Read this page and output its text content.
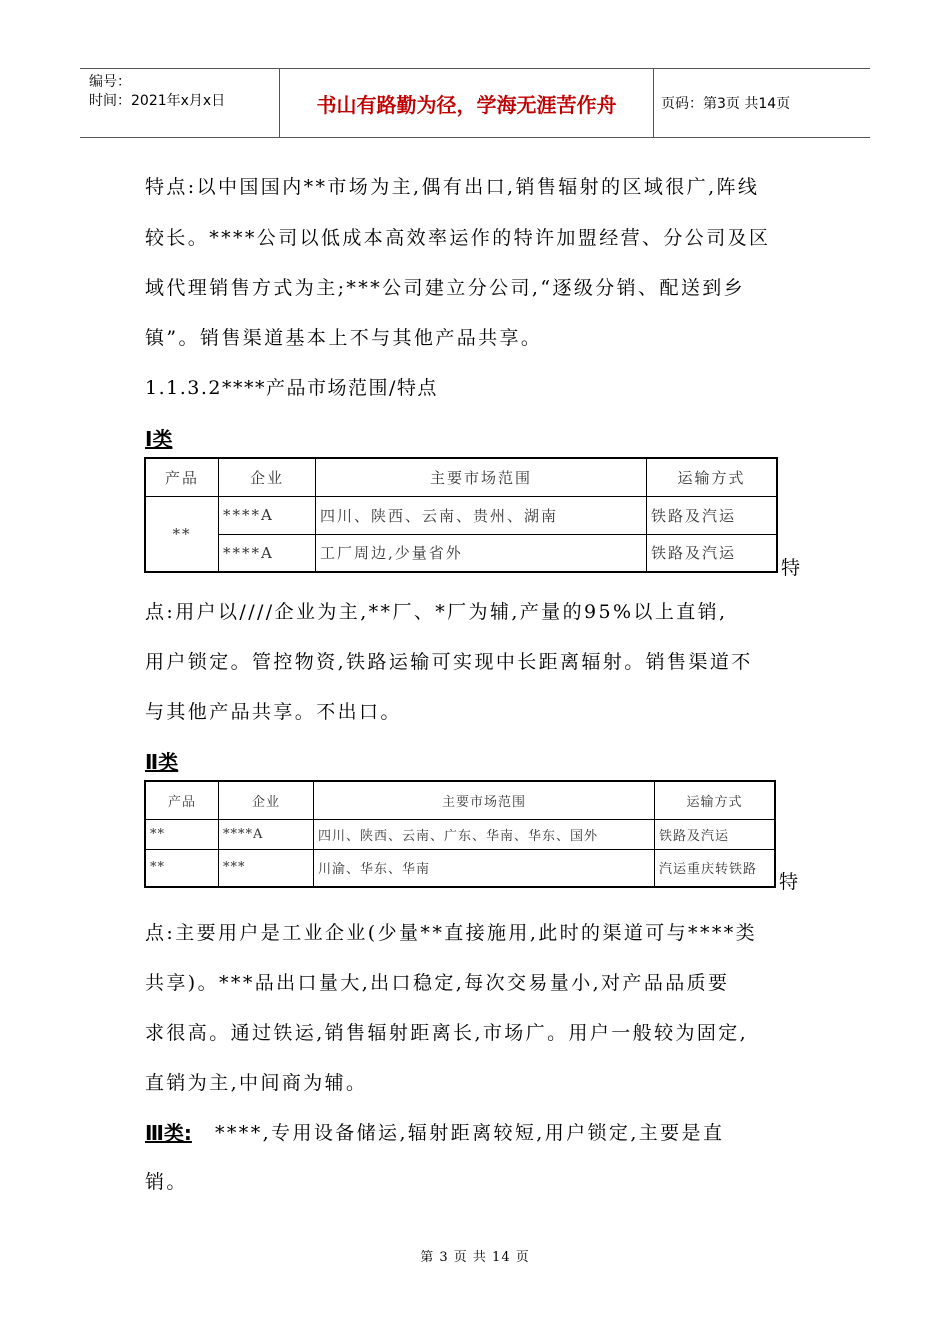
编号：
时间：2021年x月x日	书山有路勤为径，学海无涯苦作舟	页码：第3页 共14页
特点:以中国国内**市场为主,偶有出口,销售辐射的区域很广,阵线
较长。****公司以低成本高效率运作的特许加盟经营、分公司及区
域代理销售方式为主;***公司建立分公司,“逐级分销、配送到乡
镇”。销售渠道基本上不与其他产品共享。
1.1.3.2****产品市场范围/特点
Ⅰ类
产品	企业	主要市场范围	运输方式
**	****A	四川、陕西、云南、贵州、湖南	铁路及汽运
	****A	工厂周边,少量省外	铁路及汽运
特
点:用户以////企业为主,**厂、*厂为辅,产量的95%以上直销,
用户锁定。管控物资,铁路运输可实现中长距离辐射。销售渠道不
与其他产品共享。不出口。
Ⅱ类
产品	企业	主要市场范围	运输方式
**	****A	四川、陕西、云南、广东、华南、华东、国外	铁路及汽运
**	***	川渝、华东、华南	汽运重庆转铁路
特
点:主要用户是工业企业(少量**直接施用,此时的渠道可与****类
共享)。***品出口量大,出口稳定,每次交易量小,对产品品质要
求很高。通过铁运,销售辐射距离长,市场广。用户一般较为固定,
直销为主,中间商为辅。
Ⅲ类: ****,专用设备储运,辐射距离较短,用户锁定,主要是直
销。
第 3 页 共 14 页
